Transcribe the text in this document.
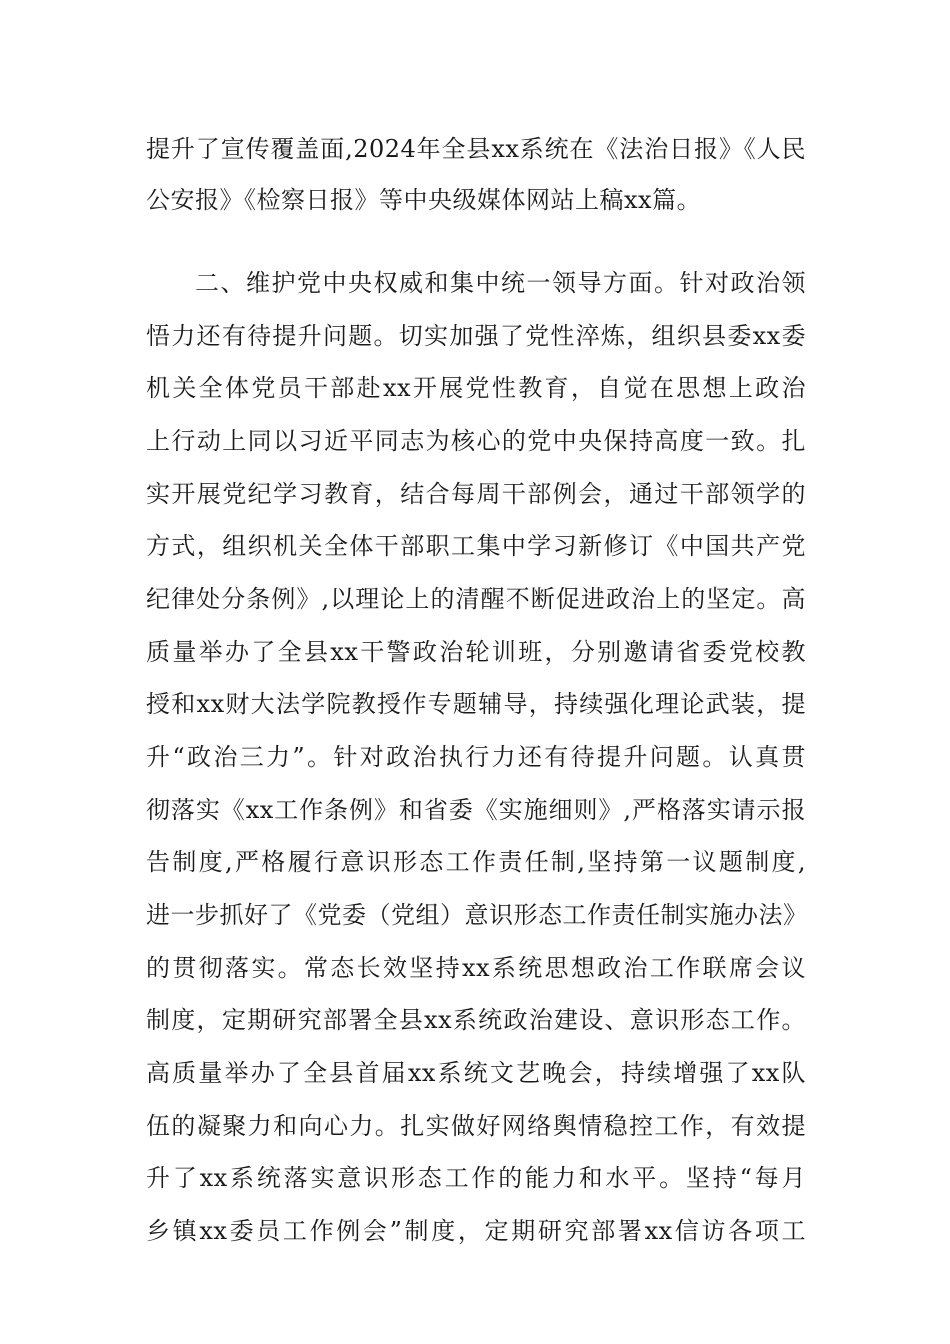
提升了宣传覆盖面,2024年全县xx系统在《法治日报》《人民
公安报》《检察日报》等中央级媒体网站上稿xx篇。
二、维护党中央权威和集中统一领导方面。针对政治领
悟力还有待提升问题。切实加强了党性淬炼，组织县委xx委
机关全体党员干部赴xx开展党性教育，自觉在思想上政治
上行动上同以习近平同志为核心的党中央保持高度一致。扎
实开展党纪学习教育，结合每周干部例会，通过干部领学的
方式，组织机关全体干部职工集中学习新修订《中国共产党
纪律处分条例》,以理论上的清醒不断促进政治上的坚定。高
质量举办了全县xx干警政治轮训班，分别邀请省委党校教
授和xx财大法学院教授作专题辅导，持续强化理论武装，提
升“政治三力”。针对政治执行力还有待提升问题。认真贯
彻落实《xx工作条例》和省委《实施细则》,严格落实请示报
告制度,严格履行意识形态工作责任制,坚持第一议题制度,
进一步抓好了《党委（党组）意识形态工作责任制实施办法》
的贯彻落实。常态长效坚持xx系统思想政治工作联席会议
制度，定期研究部署全县xx系统政治建设、意识形态工作。
高质量举办了全县首届xx系统文艺晚会，持续增强了xx队
伍的凝聚力和向心力。扎实做好网络舆情稳控工作，有效提
升了xx系统落实意识形态工作的能力和水平。坚持“每月
乡镇xx委员工作例会”制度，定期研究部署xx信访各项工
